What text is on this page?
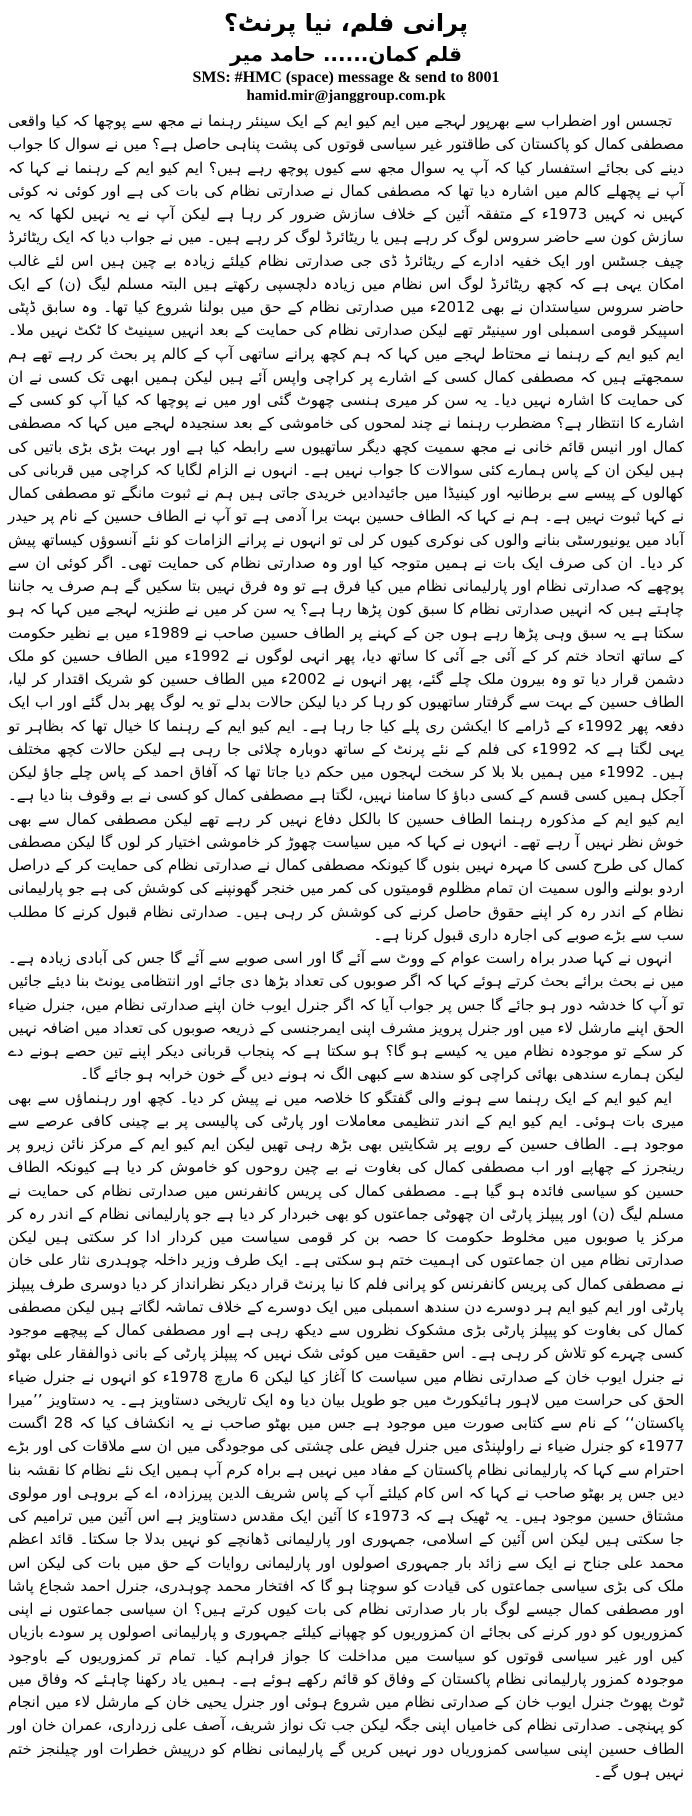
پرانی فلم، نیا پرنٹ؟
قلم کمان...... حامد میر
SMS: #HMC (space) message & send to 8001
hamid.mir@janggroup.com.pk

تجسس اور اضطراب سے بھرپور لہجے میں ایم کیو ایم کے ایک سینئر رہنما نے مجھ سے پوچھا کہ کیا واقعی مصطفی کمال کو پاکستان کی طاقتور غیر سیاسی قوتوں کی پشت پناہی حاصل ہے؟ میں نے سوال کا جواب دینے کی بجائے استفسار کیا کہ آپ یہ سوال مجھ سے کیوں پوچھ رہے ہیں؟ ایم کیو ایم کے رہنما نے کہا کہ آپ نے پچھلے کالم میں اشارہ دیا تھا کہ مصطفی کمال نے صدارتی نظام کی بات کی ہے اور کوئی نہ کوئی کہیں نہ کہیں 1973ء کے متفقہ آئین کے خلاف سازش ضرور کر رہا ہے لیکن آپ نے یہ نہیں لکھا کہ یہ سازش کون سے حاضر سروس لوگ کر رہے ہیں یا ریٹائرڈ لوگ کر رہے ہیں۔ میں نے جواب دیا کہ ایک ریٹائرڈ چیف جسٹس اور ایک خفیہ ادارے کے ریٹائرڈ ڈی جی صدارتی نظام کیلئے زیادہ بے چین ہیں اس لئے غالب امکان یہی ہے کہ کچھ ریٹائرڈ لوگ اس نظام میں زیادہ دلچسپی رکھتے ہیں البتہ مسلم لیگ (ن) کے ایک حاضر سروس سیاستدان نے بھی 2012ء میں صدارتی نظام کے حق میں بولنا شروع کیا تھا۔ وہ سابق ڈپٹی اسپیکر قومی اسمبلی اور سینیٹر تھے لیکن صدارتی نظام کی حمایت کے بعد انہیں سینیٹ کا ٹکٹ نہیں ملا۔ ایم کیو ایم کے رہنما نے محتاط لہجے میں کہا کہ ہم کچھ پرانے ساتھی آپ کے کالم پر بحث کر رہے تھے ہم سمجھتے ہیں کہ مصطفی کمال کسی کے اشارے پر کراچی واپس آئے ہیں لیکن ہمیں ابھی تک کسی نے ان کی حمایت کا اشارہ نہیں دیا۔ یہ سن کر میری ہنسی چھوٹ گئی اور میں نے پوچھا کہ کیا آپ کو کسی کے اشارے کا انتظار ہے؟ مضطرب رہنما نے چند لمحوں کی خاموشی کے بعد سنجیدہ لہجے میں کہا کہ مصطفی کمال اور انیس قائم خانی نے مجھ سمیت کچھ دیگر ساتھیوں سے رابطہ کیا ہے اور بہت بڑی بڑی باتیں کی ہیں لیکن ان کے پاس ہمارے کئی سوالات کا جواب نہیں ہے۔ انہوں نے الزام لگایا کہ کراچی میں قربانی کی کھالوں کے پیسے سے برطانیہ اور کینیڈا میں جائیدادیں خریدی جاتی ہیں ہم نے ثبوت مانگے تو مصطفی کمال نے کہا ثبوت نہیں ہے۔ ہم نے کہا کہ الطاف حسین بہت برا آدمی ہے تو آپ نے الطاف حسین کے نام پر حیدر آباد میں یونیورسٹی بنانے والوں کی نوکری کیوں کر لی تو انہوں نے پرانے الزامات کو نئے آنسوؤں کیساتھ پیش کر دیا۔ ان کی صرف ایک بات نے ہمیں متوجہ کیا اور وہ صدارتی نظام کی حمایت تھی۔ اگر کوئی ان سے پوچھے کہ صدارتی نظام اور پارلیمانی نظام میں کیا فرق ہے تو وہ فرق نہیں بتا سکیں گے ہم صرف یہ جاننا چاہتے ہیں کہ انہیں صدارتی نظام کا سبق کون پڑھا رہا ہے؟ یہ سن کر میں نے طنزیہ لہجے میں کہا کہ ہو سکتا ہے یہ سبق وہی پڑھا رہے ہوں جن کے کہنے پر الطاف حسین صاحب نے 1989ء میں بے نظیر حکومت کے ساتھ اتحاد ختم کر کے آئی جے آئی کا ساتھ دیا، پھر انہی لوگوں نے 1992ء میں الطاف حسین کو ملک دشمن قرار دیا تو وہ بیرون ملک چلے گئے، پھر انہوں نے 2002ء میں الطاف حسین کو شریک اقتدار کر لیا، الطاف حسین کے بہت سے گرفتار ساتھیوں کو رہا کر دیا لیکن حالات بدلے تو یہ لوگ پھر بدل گئے اور اب ایک دفعہ پھر 1992ء کے ڈرامے کا ایکشن ری پلے کیا جا رہا ہے۔ ایم کیو ایم کے رہنما کا خیال تھا کہ بظاہر تو یہی لگتا ہے کہ 1992ء کی فلم کے نئے پرنٹ کے ساتھ دوبارہ چلائی جا رہی ہے لیکن حالات کچھ مختلف ہیں۔ 1992ء میں ہمیں بلا بلا کر سخت لہجوں میں حکم دیا جاتا تھا کہ آفاق احمد کے پاس چلے جاؤ لیکن آجکل ہمیں کسی قسم کے کسی دباؤ کا سامنا نہیں، لگتا ہے مصطفی کمال کو کسی نے بے وقوف بنا دیا ہے۔ ایم کیو ایم کے مذکورہ رہنما الطاف حسین کا بالکل دفاع نہیں کر رہے تھے لیکن مصطفی کمال سے بھی خوش نظر نہیں آ رہے تھے۔ انہوں نے کہا کہ میں سیاست چھوڑ کر خاموشی اختیار کر لوں گا لیکن مصطفی کمال کی طرح کسی کا مہرہ نہیں بنوں گا کیونکہ مصطفی کمال نے صدارتی نظام کی حمایت کر کے دراصل اردو بولنے والوں سمیت ان تمام مظلوم قومیتوں کی کمر میں خنجر گھونپنے کی کوشش کی ہے جو پارلیمانی نظام کے اندر رہ کر اپنے حقوق حاصل کرنے کی کوشش کر رہی ہیں۔ صدارتی نظام قبول کرنے کا مطلب سب سے بڑے صوبے کی اجارہ داری قبول کرنا ہے۔

انہوں نے کہا صدر براہ راست عوام کے ووٹ سے آئے گا اور اسی صوبے سے آئے گا جس کی آبادی زیادہ ہے۔ میں نے بحث برائے بحث کرتے ہوئے کہا کہ اگر صوبوں کی تعداد بڑھا دی جائے اور انتظامی یونٹ بنا دیئے جائیں تو آپ کا خدشہ دور ہو جائے گا جس پر جواب آیا کہ اگر جنرل ایوب خان اپنے صدارتی نظام میں، جنرل ضیاء الحق اپنے مارشل لاء میں اور جنرل پرویز مشرف اپنی ایمرجنسی کے ذریعہ صوبوں کی تعداد میں اضافہ نہیں کر سکے تو موجودہ نظام میں یہ کیسے ہو گا؟ ہو سکتا ہے کہ پنجاب قربانی دیکر اپنے تین حصے ہونے دے لیکن ہمارے سندھی بھائی کراچی کو سندھ سے کبھی الگ نہ ہونے دیں گے خون خرابہ ہو جائے گا۔

ایم کیو ایم کے ایک رہنما سے ہونے والی گفتگو کا خلاصہ میں نے پیش کر دیا۔ کچھ اور رہنماؤں سے بھی میری بات ہوئی۔ ایم کیو ایم کے اندر تنظیمی معاملات اور پارٹی کی پالیسی پر بے چینی کافی عرصے سے موجود ہے۔ الطاف حسین کے رویے پر شکایتیں بھی بڑھ رہی تھیں لیکن ایم کیو ایم کے مرکز نائن زیرو پر رینجرز کے چھاپے اور اب مصطفی کمال کی بغاوت نے بے چین روحوں کو خاموش کر دیا ہے کیونکہ الطاف حسین کو سیاسی فائدہ ہو گیا ہے۔ مصطفی کمال کی پریس کانفرنس میں صدارتی نظام کی حمایت نے مسلم لیگ (ن) اور پیپلز پارٹی ان چھوٹی جماعتوں کو بھی خبردار کر دیا ہے جو پارلیمانی نظام کے اندر رہ کر مرکز یا صوبوں میں مخلوط حکومت کا حصہ بن کر قومی سیاست میں کردار ادا کر سکتی ہیں لیکن صدارتی نظام میں ان جماعتوں کی اہمیت ختم ہو سکتی ہے۔ ایک طرف وزیر داخلہ چوہدری نثار علی خان نے مصطفی کمال کی پریس کانفرنس کو پرانی فلم کا نیا پرنٹ قرار دیکر نظرانداز کر دیا دوسری طرف پیپلز پارٹی اور ایم کیو ایم ہر دوسرے دن سندھ اسمبلی میں ایک دوسرے کے خلاف تماشہ لگاتے ہیں لیکن مصطفی کمال کی بغاوت کو پیپلز پارٹی بڑی مشکوک نظروں سے دیکھ رہی ہے اور مصطفی کمال کے پیچھے موجود کسی چہرے کو تلاش کر رہی ہے۔ اس حقیقت میں کوئی شک نہیں کہ پیپلز پارٹی کے بانی ذوالفقار علی بھٹو نے جنرل ایوب خان کے صدارتی نظام میں سیاست کا آغاز کیا لیکن 6 مارچ 1978ء کو انہوں نے جنرل ضیاء الحق کی حراست میں لاہور ہائیکورٹ میں جو طویل بیان دیا وہ ایک تاریخی دستاویز ہے۔ یہ دستاویز ’’میرا پاکستان‘‘ کے نام سے کتابی صورت میں موجود ہے جس میں بھٹو صاحب نے یہ انکشاف کیا کہ 28 اگست 1977ء کو جنرل ضیاء نے راولپنڈی میں جنرل فیض علی چشتی کی موجودگی میں ان سے ملاقات کی اور بڑے احترام سے کہا کہ پارلیمانی نظام پاکستان کے مفاد میں نہیں ہے براہ کرم آپ ہمیں ایک نئے نظام کا نقشہ بنا دیں جس پر بھٹو صاحب نے کہا کہ اس کام کیلئے آپ کے پاس شریف الدین پیرزادہ، اے کے بروہی اور مولوی مشتاق حسین موجود ہیں۔ یہ ٹھیک ہے کہ 1973ء کا آئین ایک مقدس دستاویز ہے اس آئین میں ترامیم کی جا سکتی ہیں لیکن اس آئین کے اسلامی، جمہوری اور پارلیمانی ڈھانچے کو نہیں بدلا جا سکتا۔ قائد اعظم محمد علی جناح نے ایک سے زائد بار جمہوری اصولوں اور پارلیمانی روایات کے حق میں بات کی لیکن اس ملک کی بڑی سیاسی جماعتوں کی قیادت کو سوچنا ہو گا کہ افتخار محمد چوہدری، جنرل احمد شجاع پاشا اور مصطفی کمال جیسے لوگ بار بار صدارتی نظام کی بات کیوں کرتے ہیں؟ ان سیاسی جماعتوں نے اپنی کمزوریوں کو دور کرنے کی بجائے ان کمزوریوں کو چھپانے کیلئے جمہوری و پارلیمانی اصولوں پر سودے بازیاں کیں اور غیر سیاسی قوتوں کو سیاست میں مداخلت کا جواز فراہم کیا۔ تمام تر کمزوریوں کے باوجود موجودہ کمزور پارلیمانی نظام پاکستان کے وفاق کو قائم رکھے ہوئے ہے۔ ہمیں یاد رکھنا چاہئے کہ وفاق میں ٹوٹ پھوٹ جنرل ایوب خان کے صدارتی نظام میں شروع ہوئی اور جنرل یحیی خان کے مارشل لاء میں انجام کو پہنچی۔ صدارتی نظام کی خامیاں اپنی جگہ لیکن جب تک نواز شریف، آصف علی زرداری، عمران خان اور الطاف حسین اپنی سیاسی کمزوریاں دور نہیں کریں گے پارلیمانی نظام کو درپیش خطرات اور چیلنجز ختم نہیں ہوں گے۔
